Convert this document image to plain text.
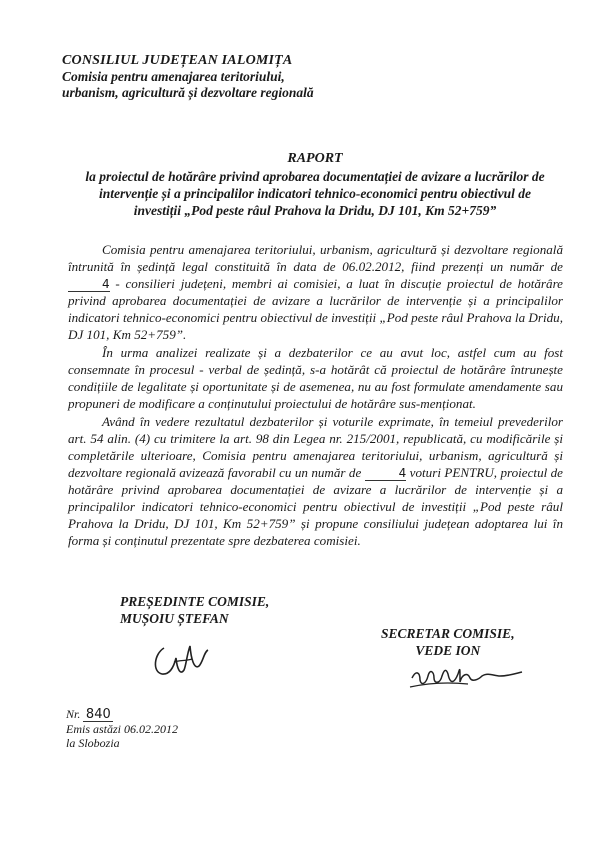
CONSILIUL JUDEȚEAN IALOMIȚA
Comisia pentru amenajarea teritoriului,
urbanism, agricultură și dezvoltare regională
RAPORT
la proiectul de hotărâre privind aprobarea documentației de avizare a lucrărilor de
intervenție și a principalilor indicatori tehnico-economici pentru obiectivul de
investiții „Pod peste râul Prahova la Dridu, DJ 101, Km 52+759”

Comisia pentru amenajarea teritoriului, urbanism, agricultură și dezvoltare regională întrunită în ședință legal constituită în data de 06.02.2012, fiind prezenți un număr de 4 - consilieri județeni, membri ai comisiei, a luat în discuție proiectul de hotărâre privind aprobarea documentației de avizare a lucrărilor de intervenție și a principalilor indicatori tehnico-economici pentru obiectivul de investiții „Pod peste râul Prahova la Dridu, DJ 101, Km 52+759”.

În urma analizei realizate și a dezbaterilor ce au avut loc, astfel cum au fost consemnate în procesul - verbal de ședință, s-a hotărât că proiectul de hotărâre întrunește condițiile de legalitate și oportunitate și de asemenea, nu au fost formulate amendamente sau propuneri de modificare a conținutului proiectului de hotărâre sus-menționat.

Având în vedere rezultatul dezbaterilor și voturile exprimate, în temeiul prevederilor art. 54 alin. (4) cu trimitere la art. 98 din Legea nr. 215/2001, republicată, cu modificările și completările ulterioare, Comisia pentru amenajarea teritoriului, urbanism, agricultură și dezvoltare regională avizează favorabil cu un număr de	4 voturi PENTRU, proiectul de hotărâre privind aprobarea documentației de avizare a lucrărilor de intervenție și a principalilor indicatori tehnico-economici pentru obiectivul de investiții „Pod peste râul Prahova la Dridu, DJ 101, Km 52+759” și propune consiliului județean adoptarea lui în forma și conținutul prezentate spre dezbaterea comisiei.

PREȘEDINTE COMISIE,
MUȘOIU ȘTEFAN
SECRETAR COMISIE,
VEDE ION
Nr. 840
Emis astăzi 06.02.2012
la Slobozia
